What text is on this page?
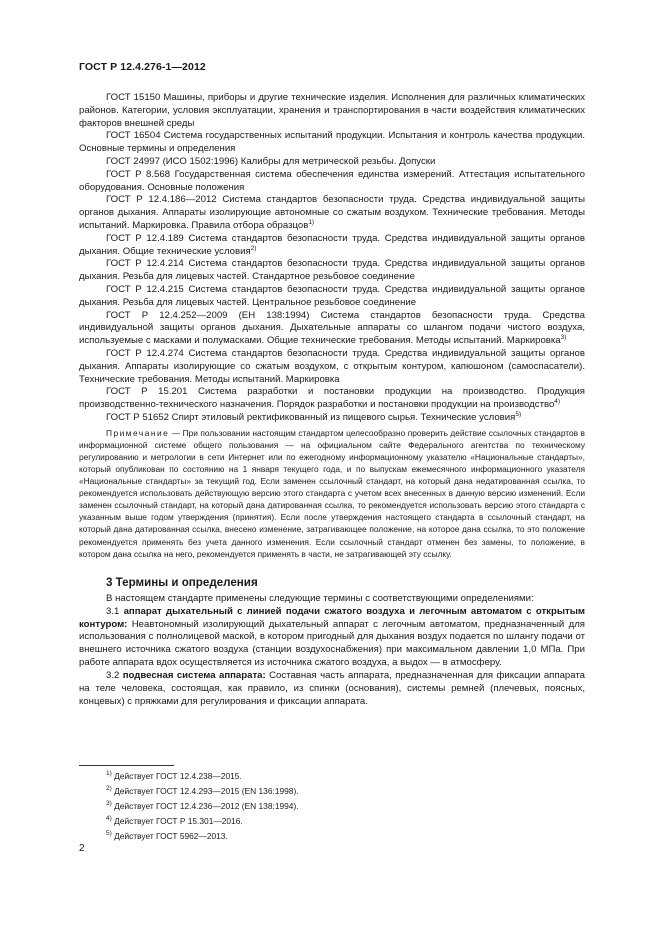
ГОСТ Р 12.4.276-1—2012

ГОСТ 15150 Машины, приборы и другие технические изделия. Исполнения для различных климатических районов. Категории, условия эксплуатации, хранения и транспортирования в части воздействия климатических факторов внешней среды

ГОСТ 16504 Система государственных испытаний продукции. Испытания и контроль качества продукции. Основные термины и определения

ГОСТ 24997 (ИСО 1502:1996) Калибры для метрической резьбы. Допуски

ГОСТ Р 8.568 Государственная система обеспечения единства измерений. Аттестация испытательного оборудования. Основные положения

ГОСТ Р 12.4.186—2012 Система стандартов безопасности труда. Средства индивидуальной защиты органов дыхания. Аппараты изолирующие автономные со сжатым воздухом. Технические требования. Методы испытаний. Маркировка. Правила отбора образцов$^{1)}$

ГОСТ Р 12.4.189 Система стандартов безопасности труда. Средства индивидуальной защиты органов дыхания. Общие технические условия$^{2)}$

ГОСТ Р 12.4.214 Система стандартов безопасности труда. Средства индивидуальной защиты органов дыхания. Резьба для лицевых частей. Стандартное резьбовое соединение

ГОСТ Р 12.4.215 Система стандартов безопасности труда. Средства индивидуальной защиты органов дыхания. Резьба для лицевых частей. Центральное резьбовое соединение

ГОСТ Р 12.4.252—2009 (ЕН 138:1994) Система стандартов безопасности труда. Средства индивидуальной защиты органов дыхания. Дыхательные аппараты со шлангом подачи чистого воздуха, используемые с масками и полумасками. Общие технические требования. Методы испытаний. Маркировка$^{3)}$

ГОСТ Р 12.4.274 Система стандартов безопасности труда. Средства индивидуальной защиты органов дыхания. Аппараты изолирующие со сжатым воздухом, с открытым контуром, капюшоном (самоспасатели). Технические требования. Методы испытаний. Маркировка

ГОСТ Р 15.201 Система разработки и постановки продукции на производство. Продукция производственно-технического назначения. Порядок разработки и постановки продукции на производство$^{4)}$

ГОСТ Р 51652 Спирт этиловый ректификованный из пищевого сырья. Технические условия$^{5)}$

Примечание — При пользовании настоящим стандартом целесообразно проверить действие ссылочных стандартов в информационной системе общего пользования — на официальном сайте Федерального агентства по техническому регулированию и метрологии в сети Интернет или по ежегодному информационному указателю «Национальные стандарты», который опубликован по состоянию на 1 января текущего года, и по выпускам ежемесячного информационного указателя «Национальные стандарты» за текущий год. Если заменен ссылочный стандарт, на который дана недатированная ссылка, то рекомендуется использовать действующую версию этого стандарта с учетом всех внесенных в данную версию изменений. Если заменен ссылочный стандарт, на который дана датированная ссылка, то рекомендуется использовать версию этого стандарта с указанным выше годом утверждения (принятия). Если после утверждения настоящего стандарта в ссылочный стандарт, на который дана датированная ссылка, внесено изменение, затрагивающее положение, на которое дана ссылка, то это положение рекомендуется применять без учета данного изменения. Если ссылочный стандарт отменен без замены, то положение, в котором дана ссылка на него, рекомендуется применять в части, не затрагивающей эту ссылку.

3 Термины и определения

В настоящем стандарте применены следующие термины с соответствующими определениями:

3.1 аппарат дыхательный с линией подачи сжатого воздуха и легочным автоматом с открытым контуром: Неавтономный изолирующий дыхательный аппарат с легочным автоматом, предназначенный для использования с полнолицевой маской, в котором пригодный для дыхания воздух подается по шлангу подачи от внешнего источника сжатого воздуха (станции воздухоснабжения) при максимальном давлении 1,0 МПа. При работе аппарата вдох осуществляется из источника сжатого воздуха, а выдох — в атмосферу.

3.2 подвесная система аппарата: Составная часть аппарата, предназначенная для фиксации аппарата на теле человека, состоящая, как правило, из спинки (основания), системы ремней (плечевых, поясных, концевых) с пряжками для регулирования и фиксации аппарата.

$^{1)}$ Действует ГОСТ 12.4.238—2015.
$^{2)}$ Действует ГОСТ 12.4.293—2015 (EN 136:1998).
$^{3)}$ Действует ГОСТ 12.4.236—2012 (EN 138:1994).
$^{4)}$ Действует ГОСТ Р 15.301—2016.
$^{5)}$ Действует ГОСТ 5962—2013.
2
